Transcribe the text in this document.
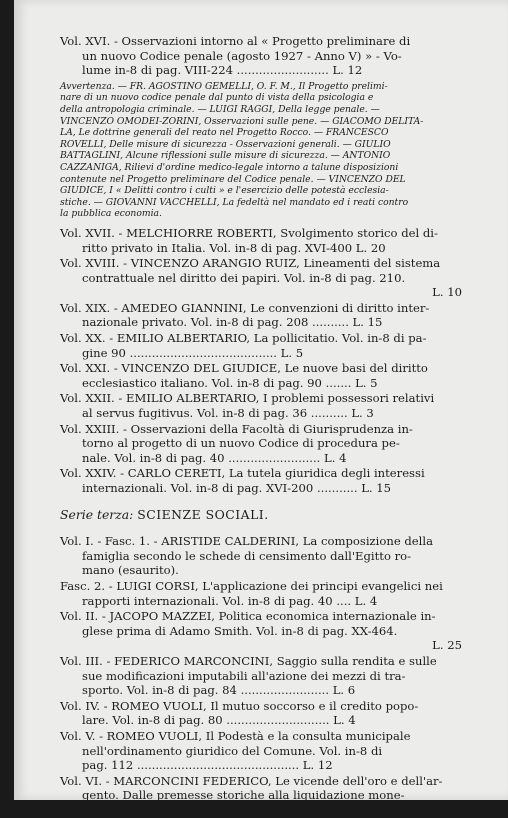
Vol. XVI. - Osservazioni intorno al « Progetto preliminare di
un nuovo Codice penale (agosto 1927 - Anno V) » - Vo-
lume in-8 di pag. VIII-224 ......................... L. 12
Avvertenza. — FR. AGOSTINO GEMELLI, O. F. M., Il Progetto prelimi-
nare di un nuovo codice penale dal punto di vista della psicologia e
della antropologia criminale. — LUIGI RAGGI, Della legge penale. —
VINCENZO OMODEI-ZORINI, Osservazioni sulle pene. — GIACOMO DELITA-
LA, Le dottrine generali del reato nel Progetto Rocco. — FRANCESCO
ROVELLI, Delle misure di sicurezza - Osservazioni generali. — GIULIO
BATTAGLINI, Alcune riflessioni sulle misure di sicurezza. — ANTONIO
CAZZANIGA, Rilievi d'ordine medico-legale intorno a talune disposizioni
contenute nel Progetto preliminare del Codice penale. — VINCENZO DEL
GIUDICE, I « Delitti contro i culti » e l'esercizio delle potestà ecclesia-
stiche. — GIOVANNI VACCHELLI, La fedeltà nel mandato ed i reati contro
la pubblica economia.
Vol. XVII. - MELCHIORRE ROBERTI, Svolgimento storico del di-
ritto privato in Italia. Vol. in-8 di pag. XVI-400 L. 20
Vol. XVIII. - VINCENZO ARANGIO RUIZ, Lineamenti del sistema
contrattuale nel diritto dei papiri. Vol. in-8 di pag. 210.
L. 10
Vol. XIX. - AMEDEO GIANNINI, Le convenzioni di diritto inter-
nazionale privato. Vol. in-8 di pag. 208 .......... L. 15
Vol. XX. - EMILIO ALBERTARIO, La pollicitatio. Vol. in-8 di pa-
gine 90 ........................................ L. 5
Vol. XXI. - VINCENZO DEL GIUDICE, Le nuove basi del diritto
ecclesiastico italiano. Vol. in-8 di pag. 90 ....... L. 5
Vol. XXII. - EMILIO ALBERTARIO, I problemi possessori relativi
al servus fugitivus. Vol. in-8 di pag. 36 .......... L. 3
Vol. XXIII. - Osservazioni della Facoltà di Giurisprudenza in-
torno al progetto di un nuovo Codice di procedura pe-
nale. Vol. in-8 di pag. 40 ......................... L. 4
Vol. XXIV. - CARLO CERETI, La tutela giuridica degli interessi
internazionali. Vol. in-8 di pag. XVI-200 ........... L. 15
Serie terza: SCIENZE SOCIALI.
Vol. I. - Fasc. 1. - ARISTIDE CALDERINI, La composizione della
famiglia secondo le schede di censimento dall'Egitto ro-
mano (esaurito).
Fasc. 2. - LUIGI CORSI, L'applicazione dei principi evangelici nei
rapporti internazionali. Vol. in-8 di pag. 40 .... L. 4
Vol. II. - JACOPO MAZZEI, Politica economica internazionale in-
glese prima di Adamo Smith. Vol. in-8 di pag. XX-464.
L. 25
Vol. III. - FEDERICO MARCONCINI, Saggio sulla rendita e sulle
sue modificazioni imputabili all'azione dei mezzi di tra-
sporto. Vol. in-8 di pag. 84 ........................ L. 6
Vol. IV. - ROMEO VUOLI, Il mutuo soccorso e il credito popo-
lare. Vol. in-8 di pag. 80 ............................ L. 4
Vol. V. - ROMEO VUOLI, Il Podestà e la consulta municipale
nell'ordinamento giuridico del Comune. Vol. in-8 di
pag. 112 ............................................ L. 12
Vol. VI. - MARCONCINI FEDERICO, Le vicende dell'oro e dell'ar-
gento. Dalle premesse storiche alla liquidazione mone-
taria latina (1803-1925). Vol. in-8 di pag. 412 L. 25
